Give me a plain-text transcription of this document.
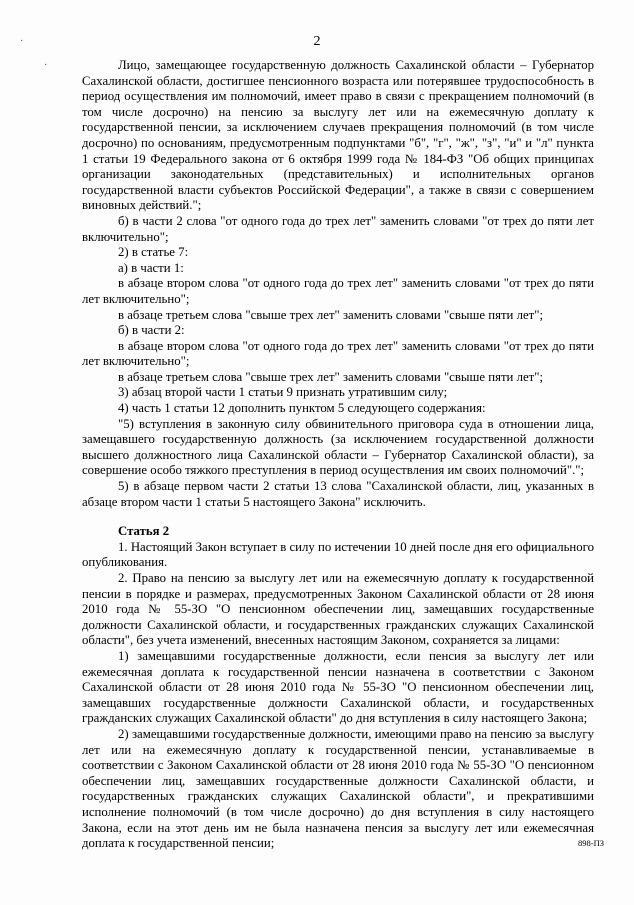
·
·
2

Лицо, замещающее государственную должность Сахалинской области – Губернатор Сахалинской области, достигшее пенсионного возраста или потерявшее трудоспособность в период осуществления им полномочий, имеет право в связи с прекращением полномочий (в том числе досрочно) на пенсию за выслугу лет или на ежемесячную доплату к государственной пенсии, за исключением случаев прекращения полномочий (в том числе досрочно) по основаниям, предусмотренным подпунктами "б", "г", "ж", "з", "и" и "л" пункта 1 статьи 19 Федерального закона от 6 октября 1999 года № 184-ФЗ "Об общих принципах организации законодательных (представительных) и исполнительных органов государственной власти субъектов Российской Федерации", а также в связи с совершением виновных действий.";

б) в части 2 слова "от одного года до трех лет" заменить словами "от трех до пяти лет включительно";

2) в статье 7:

а) в части 1:

в абзаце втором слова "от одного года до трех лет" заменить словами "от трех до пяти лет включительно";

в абзаце третьем слова "свыше трех лет" заменить словами "свыше пяти лет";

б) в части 2:

в абзаце втором слова "от одного года до трех лет" заменить словами "от трех до пяти лет включительно";

в абзаце третьем слова "свыше трех лет" заменить словами "свыше пяти лет";

3) абзац второй части 1 статьи 9 признать утратившим силу;

4) часть 1 статьи 12 дополнить пунктом 5 следующего содержания:

"5) вступления в законную силу обвинительного приговора суда в отношении лица, замещавшего государственную должность (за исключением государственной должности высшего должностного лица Сахалинской области – Губернатор Сахалинской области), за совершение особо тяжкого преступления в период осуществления им своих полномочий".";

5) в абзаце первом части 2 статьи 13 слова "Сахалинской области, лиц, указанных в абзаце втором части 1 статьи 5 настоящего Закона" исключить.

Статья 2

1. Настоящий Закон вступает в силу по истечении 10 дней после дня его официального опубликования.

2. Право на пенсию за выслугу лет или на ежемесячную доплату к государственной пенсии в порядке и размерах, предусмотренных Законом Сахалинской области от 28 июня 2010 года № 55-ЗО "О пенсионном обеспечении лиц, замещавших государственные должности Сахалинской области, и государственных гражданских служащих Сахалинской области", без учета изменений, внесенных настоящим Законом, сохраняется за лицами:

1) замещавшими государственные должности, если пенсия за выслугу лет или ежемесячная доплата к государственной пенсии назначена в соответствии с Законом Сахалинской области от 28 июня 2010 года № 55-ЗО "О пенсионном обеспечении лиц, замещавших государственные должности Сахалинской области, и государственных гражданских служащих Сахалинской области" до дня вступления в силу настоящего Закона;

2) замещавшими государственные должности, имеющими право на пенсию за выслугу лет или на ежемесячную доплату к государственной пенсии, устанавливаемые в соответствии с Законом Сахалинской области от 28 июня 2010 года № 55-ЗО "О пенсионном обеспечении лиц, замещавших государственные должности Сахалинской области, и государственных гражданских служащих Сахалинской области", и прекратившими исполнение полномочий (в том числе досрочно) до дня вступления в силу настоящего Закона, если на этот день им не была назначена пенсия за выслугу лет или ежемесячная доплата к государственной пенсии;	898-ПЗ
